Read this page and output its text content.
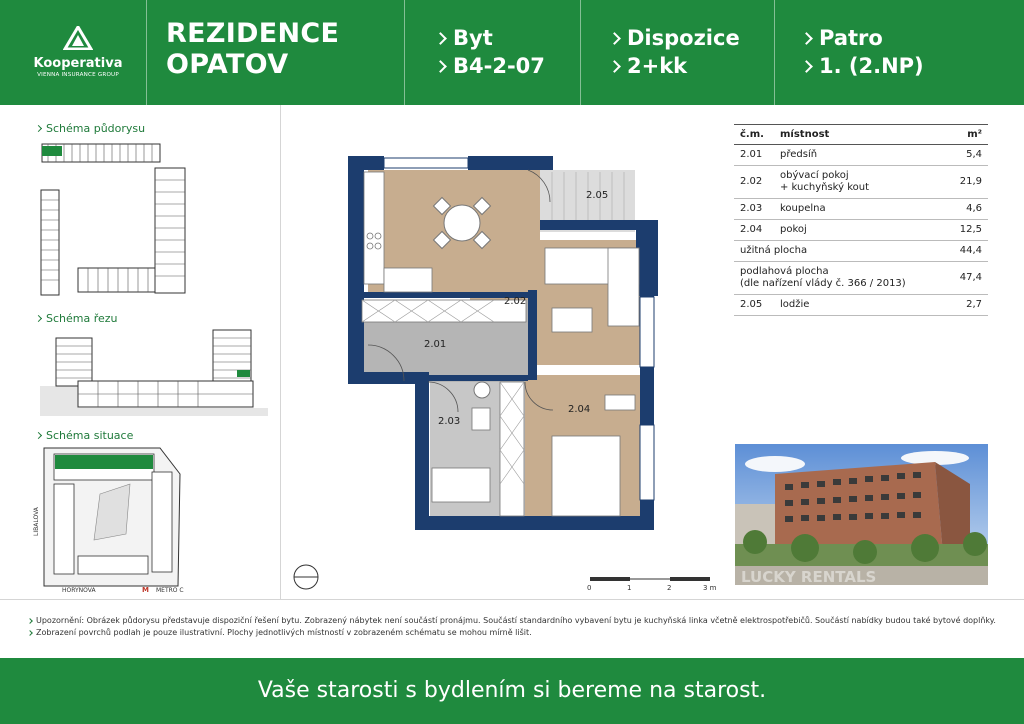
Kooperativa
VIENNA INSURANCE GROUP
REZIDENCE
OPATOV
Byt
B4-2-07
Dispozice
2+kk
Patro
1. (2.NP)
Schéma půdorysu
Schéma řezu
Schéma situace
LIBALOVA
HORYNOVA	METRO C
M
2.05
2.02
2.01
2.04
2.03
0	1	2	3 m
č.m.	místnost	m²
2.01	předsíň	5,4
2.02	obývací pokoj
+ kuchyňský kout	21,9
2.03	koupelna	4,6
2.04	pokoj	12,5
užitná plocha		44,4

podlahová plocha
(dle nařízení vlády č. 366 / 2013)		47,4
2.05	lodžie	2,7
LUCKY RENTALS
Upozornění: Obrázek půdorysu představuje dispoziční řešení bytu. Zobrazený nábytek není součástí pronájmu. Součástí standardního vybavení bytu je kuchyňská linka včetně elektrospotřebičů. Součástí nabídky budou také bytové doplňky.
Zobrazení povrchů podlah je pouze ilustrativní. Plochy jednotlivých místností v zobrazeném schématu se mohou mírně lišit.
Vaše starosti s bydlením si bereme na starost.
